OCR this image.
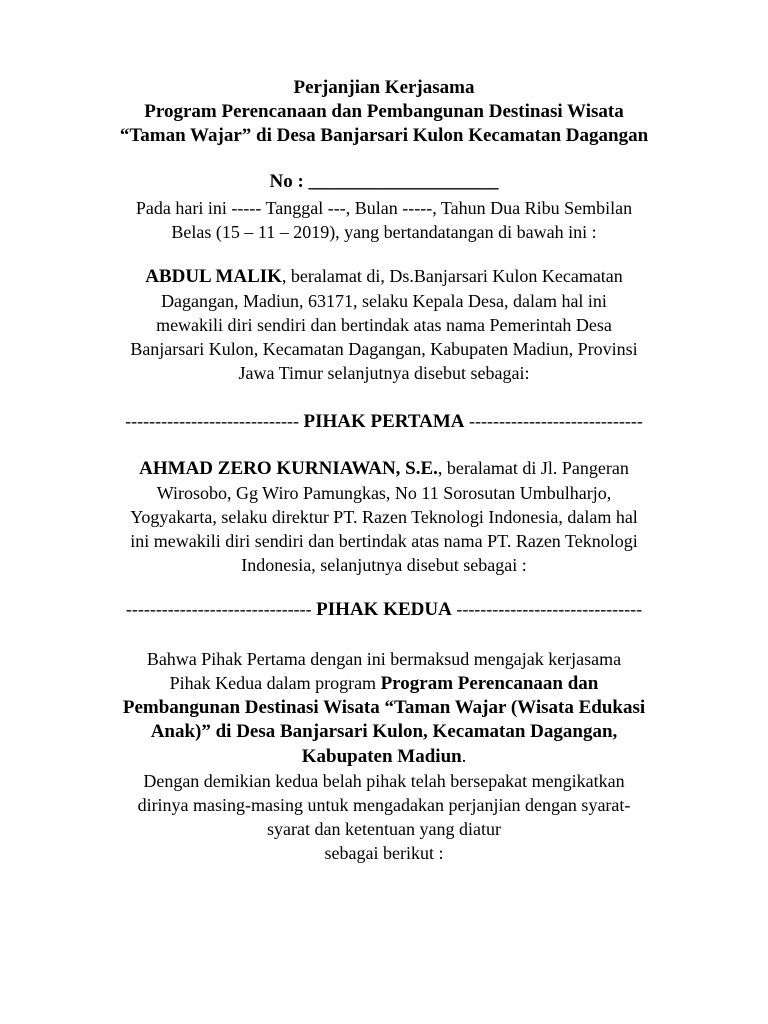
Perjanjian Kerjasama
Program Perencanaan dan Pembangunan Destinasi Wisata
“Taman Wajar” di Desa Banjarsari Kulon Kecamatan Dagangan
No : ____________________
Pada hari ini ----- Tanggal ---, Bulan -----, Tahun Dua Ribu Sembilan
Belas (15 – 11 – 2019), yang bertandatangan di bawah ini :
ABDUL MALIK, beralamat di, Ds.Banjarsari Kulon Kecamatan
Dagangan, Madiun, 63171, selaku Kepala Desa, dalam hal ini
mewakili diri sendiri dan bertindak atas nama Pemerintah Desa
Banjarsari Kulon, Kecamatan Dagangan, Kabupaten Madiun, Provinsi
Jawa Timur selanjutnya disebut sebagai:
----------------------------- PIHAK PERTAMA -----------------------------
AHMAD ZERO KURNIAWAN, S.E., beralamat di Jl. Pangeran
Wirosobo, Gg Wiro Pamungkas, No 11 Sorosutan Umbulharjo,
Yogyakarta, selaku direktur PT. Razen Teknologi Indonesia, dalam hal
ini mewakili diri sendiri dan bertindak atas nama PT. Razen Teknologi
Indonesia, selanjutnya disebut sebagai :
------------------------------- PIHAK KEDUA -------------------------------
Bahwa Pihak Pertama dengan ini bermaksud mengajak kerjasama
Pihak Kedua dalam program Program Perencanaan dan
Pembangunan Destinasi Wisata “Taman Wajar (Wisata Edukasi
Anak)” di Desa Banjarsari Kulon, Kecamatan Dagangan,
Kabupaten Madiun.
Dengan demikian kedua belah pihak telah bersepakat mengikatkan
dirinya masing-masing untuk mengadakan perjanjian dengan syarat-
syarat dan ketentuan yang diatur
sebagai berikut :
